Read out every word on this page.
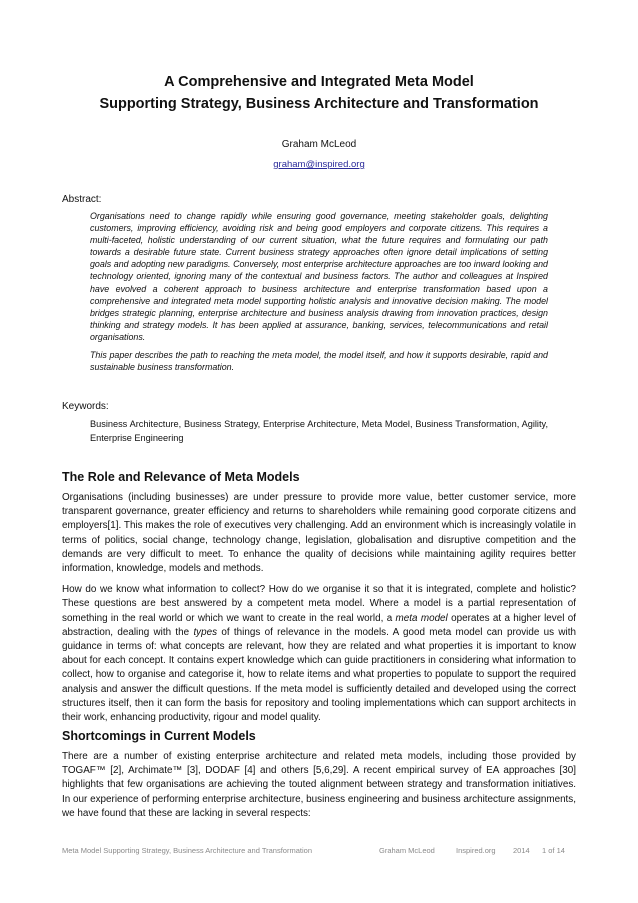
A Comprehensive and Integrated Meta Model
Supporting Strategy, Business Architecture and Transformation
Graham McLeod
graham@inspired.org
Abstract:

Organisations need to change rapidly while ensuring good governance, meeting stakeholder goals, delighting customers, improving efficiency, avoiding risk and being good employers and corporate citizens. This requires a multi-faceted, holistic understanding of our current situation, what the future requires and formulating our path towards a desirable future state. Current business strategy approaches often ignore detail implications of setting goals and adopting new paradigms. Conversely, most enterprise architecture approaches are too inward looking and technology oriented, ignoring many of the contextual and business factors. The author and colleagues at Inspired have evolved a coherent approach to business architecture and enterprise transformation based upon a comprehensive and integrated meta model supporting holistic analysis and innovative decision making. The model bridges strategic planning, enterprise architecture and business analysis drawing from innovation practices, design thinking and strategy models. It has been applied at assurance, banking, services, telecommunications and retail organisations.

This paper describes the path to reaching the meta model, the model itself, and how it supports desirable, rapid and sustainable business transformation.

Keywords:

Business Architecture, Business Strategy, Enterprise Architecture, Meta Model, Business Transformation, Agility, Enterprise Engineering

The Role and Relevance of Meta Models

Organisations (including businesses) are under pressure to provide more value, better customer service, more transparent governance, greater efficiency and returns to shareholders while remaining good corporate citizens and employers[1]. This makes the role of executives very challenging. Add an environment which is increasingly volatile in terms of politics, social change, technology change, legislation, globalisation and disruptive competition and the demands are very difficult to meet. To enhance the quality of decisions while maintaining agility requires better information, knowledge, models and methods.

How do we know what information to collect? How do we organise it so that it is integrated, complete and holistic? These questions are best answered by a competent meta model. Where a model is a partial representation of something in the real world or which we want to create in the real world, a meta model operates at a higher level of abstraction, dealing with the types of things of relevance in the models. A good meta model can provide us with guidance in terms of: what concepts are relevant, how they are related and what properties it is important to know about for each concept. It contains expert knowledge which can guide practitioners in considering what information to collect, how to organise and categorise it, how to relate items and what properties to populate to support the required analysis and answer the difficult questions. If the meta model is sufficiently detailed and developed using the correct structures itself, then it can form the basis for repository and tooling implementations which can support architects in their work, enhancing productivity, rigour and model quality.

Shortcomings in Current Models

There are a number of existing enterprise architecture and related meta models, including those provided by TOGAF™ [2], Archimate™ [3], DODAF [4] and others [5,6,29]. A recent empirical survey of EA approaches [30] highlights that few organisations are achieving the touted alignment between strategy and transformation initiatives. In our experience of performing enterprise architecture, business engineering and business architecture assignments, we have found that these are lacking in several respects:

Meta Model Supporting Strategy, Business Architecture and Transformation	Graham McLeod	Inspired.org 2014 1 of 14
